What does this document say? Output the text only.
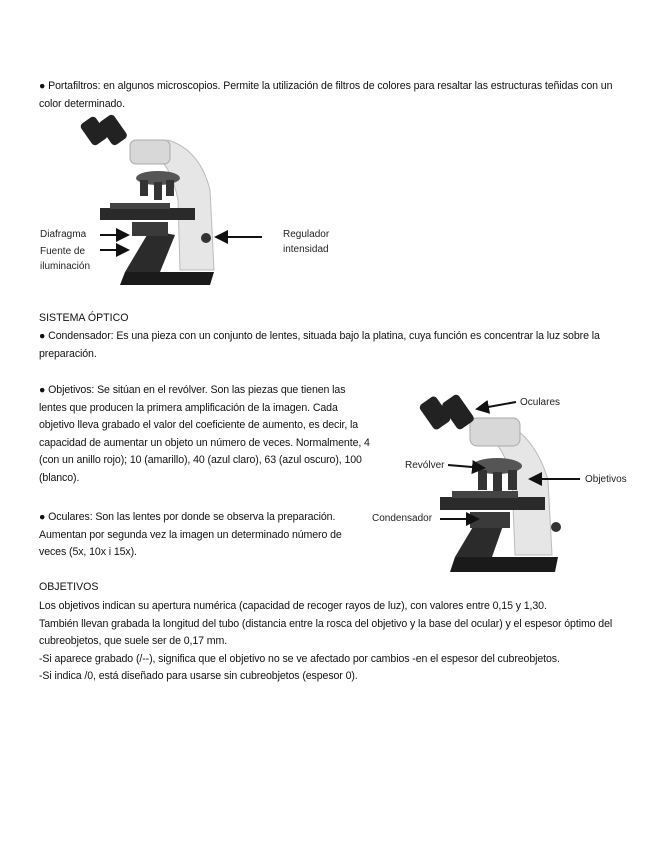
● Portafiltros: en algunos microscopios. Permite la utilización de filtros de colores para resaltar las estructuras teñidas con un color determinado.
Diafragma
Fuente de iluminación
Regulador
intensidad
SISTEMA ÓPTICO
● Condensador: Es una pieza con un conjunto de lentes, situada bajo la platina, cuya función es concentrar la luz sobre la preparación.
● Objetivos: Se sitúan en el revólver. Son las piezas que tienen las lentes que producen la primera amplificación de la imagen. Cada objetivo lleva grabado el valor del coeficiente de aumento, es decir, la capacidad de aumentar un objeto un número de veces. Normalmente, 4 (con un anillo rojo); 10 (amarillo), 40 (azul claro), 63 (azul oscuro), 100 (blanco).
● Oculares: Son las lentes por donde se observa la preparación. Aumentan por segunda vez la imagen un determinado número de veces (5x, 10x i 15x).
Oculares
Revólver
Objetivos
Condensador
OBJETIVOS
Los objetivos indican su apertura numérica (capacidad de recoger rayos de luz), con valores entre 0,15 y 1,30.
También llevan grabada la longitud del tubo (distancia entre la rosca del objetivo y la base del ocular) y el espesor óptimo del cubreobjetos, que suele ser de 0,17 mm.
-Si aparece grabado (/--), significa que el objetivo no se ve afectado por cambios -en el espesor del cubreobjetos.
-Si indica /0, está diseñado para usarse sin cubreobjetos (espesor 0).
